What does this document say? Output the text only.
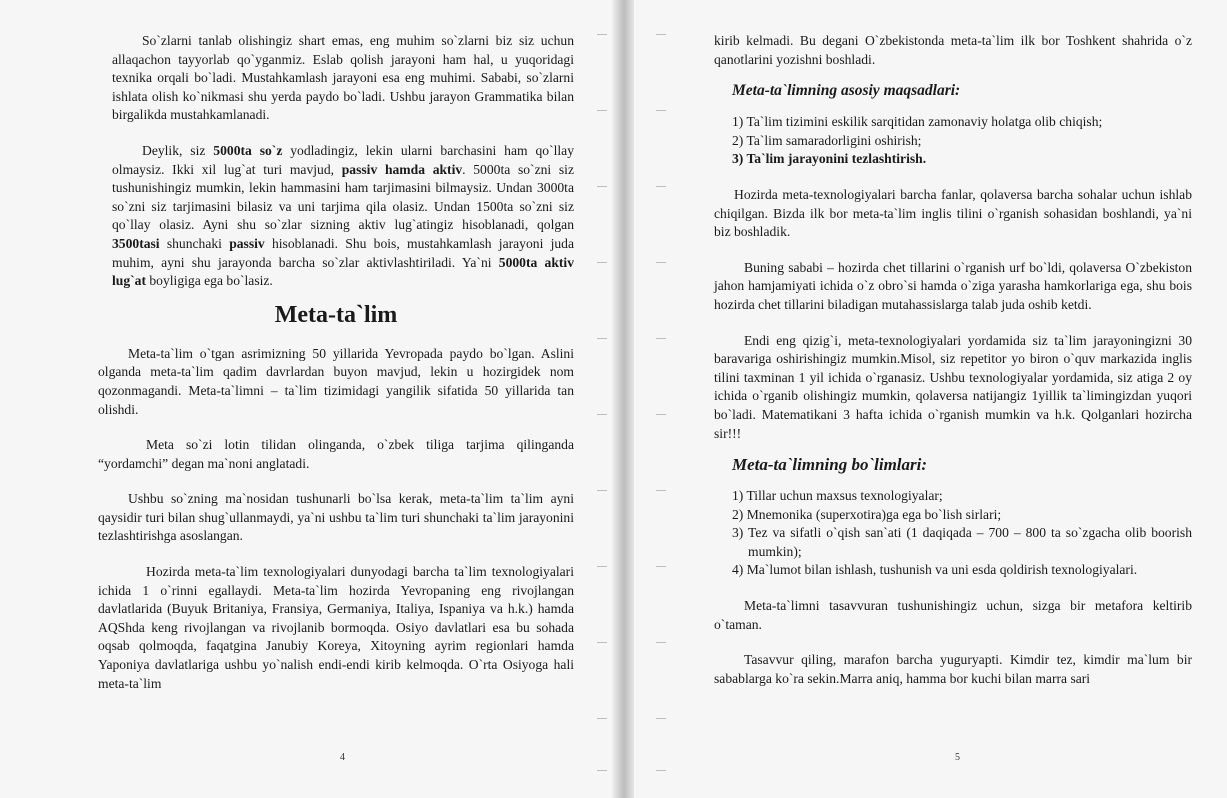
So`zlarni tanlab olishingiz shart emas, eng muhim so`zlarni biz siz uchun allaqachon tayyorlab qo`yganmiz. Eslab qolish jarayoni ham hal, u yuqoridagi texnika orqali bo`ladi. Mustahkamlash jarayoni esa eng muhimi. Sababi, so`zlarni ishlata olish ko`nikmasi shu yerda paydo bo`ladi. Ushbu jarayon Grammatika bilan birgalikda mustahkamlanadi.

Deylik, siz 5000ta so`z yodladingiz, lekin ularni barchasini ham qo`llay olmaysiz. Ikki xil lug`at turi mavjud, passiv hamda aktiv. 5000ta so`zni siz tushunishingiz mumkin, lekin hammasini ham tarjimasini bilmaysiz. Undan 3000ta so`zni siz tarjimasini bilasiz va uni tarjima qila olasiz. Undan 1500ta so`zni siz qo`llay olasiz. Ayni shu so`zlar sizning aktiv lug`atingiz hisoblanadi, qolgan 3500tasi shunchaki passiv hisoblanadi. Shu bois, mustahkamlash jarayoni juda muhim, ayni shu jarayonda barcha so`zlar aktivlashtiriladi. Ya`ni 5000ta aktiv lug`at boyligiga ega bo`lasiz.

Meta-ta`lim

Meta-ta`lim o`tgan asrimizning 50 yillarida Yevropada paydo bo`lgan. Aslini olganda meta-ta`lim qadim davrlardan buyon mavjud, lekin u hozirgidek nom qozonmagandi. Meta-ta`limni – ta`lim tizimidagi yangilik sifatida 50 yillarida tan olishdi.

Meta so`zi lotin tilidan olinganda, o`zbek tiliga tarjima qilinganda “yordamchi” degan ma`noni anglatadi.

Ushbu so`zning ma`nosidan tushunarli bo`lsa kerak, meta-ta`lim ta`lim ayni qaysidir turi bilan shug`ullanmaydi, ya`ni ushbu ta`lim turi shunchaki ta`lim jarayonini tezlashtirishga asoslangan.

Hozirda meta-ta`lim texnologiyalari dunyodagi barcha ta`lim texnologiyalari ichida 1 o`rinni egallaydi. Meta-ta`lim hozirda Yevropaning eng rivojlangan davlatlarida (Buyuk Britaniya, Fransiya, Germaniya, Italiya, Ispaniya va h.k.) hamda AQShda keng rivojlangan va rivojlanib bormoqda. Osiyo davlatlari esa bu sohada oqsab qolmoqda, faqatgina Janubiy Koreya, Xitoyning ayrim regionlari hamda Yaponiya davlatlariga ushbu yo`nalish endi-endi kirib kelmoqda. O`rta Osiyoga hali meta-ta`lim

4

kirib kelmadi. Bu degani O`zbekistonda meta-ta`lim ilk bor Toshkent shahrida o`z qanotlarini yozishni boshladi.

Meta-ta`limning asosiy maqsadlari:
1) Ta`lim tizimini eskilik sarqitidan zamonaviy holatga olib chiqish;
2) Ta`lim samaradorligini oshirish;
3) Ta`lim jarayonini tezlashtirish.

Hozirda meta-texnologiyalari barcha fanlar, qolaversa barcha sohalar uchun ishlab chiqilgan. Bizda ilk bor meta-ta`lim inglis tilini o`rganish sohasidan boshlandi, ya`ni biz boshladik.

Buning sababi – hozirda chet tillarini o`rganish urf bo`ldi, qolaversa O`zbekiston jahon hamjamiyati ichida o`z obro`si hamda o`ziga yarasha hamkorlariga ega, shu bois hozirda chet tillarini biladigan mutahassislarga talab juda oshib ketdi.

Endi eng qizig`i, meta-texnologiyalari yordamida siz ta`lim jarayoningizni 30 baravariga oshirishingiz mumkin.Misol, siz repetitor yo biron o`quv markazida inglis tilini taxminan 1 yil ichida o`rganasiz. Ushbu texnologiyalar yordamida, siz atiga 2 oy ichida o`rganib olishingiz mumkin, qolaversa natijangiz 1yillik ta`limingizdan yuqori bo`ladi. Matematikani 3 hafta ichida o`rganish mumkin va h.k. Qolganlari hozircha sir!!!

Meta-ta`limning bo`limlari:
1) Tillar uchun maxsus texnologiyalar;
2) Mnemonika (superxotira)ga ega bo`lish sirlari;
3) Tez va sifatli o`qish san`ati (1 daqiqada – 700 – 800 ta so`zgacha olib boorish mumkin);
4) Ma`lumot bilan ishlash, tushunish va uni esda qoldirish texnologiyalari.

Meta-ta`limni tasavvuran tushunishingiz uchun, sizga bir metafora keltirib o`taman.

Tasavvur qiling, marafon barcha yuguryapti. Kimdir tez, kimdir ma`lum bir sabablarga ko`ra sekin.Marra aniq, hamma bor kuchi bilan marra sari

5
